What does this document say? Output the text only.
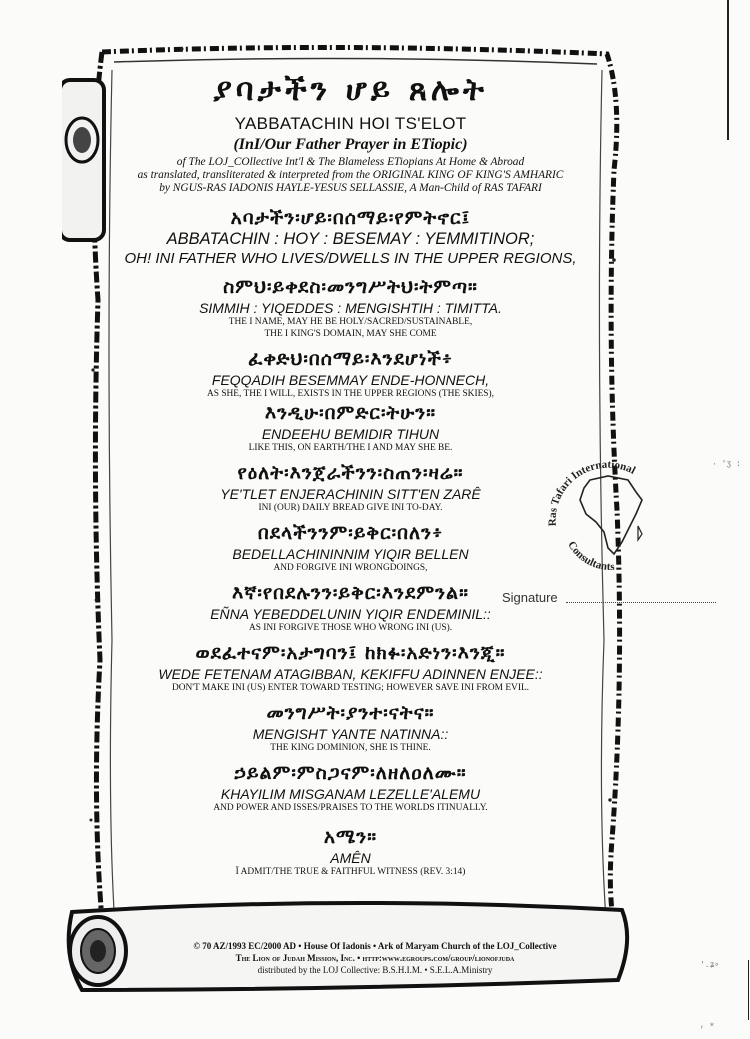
· 'ʒ :
'.ʑ∘
, ∗
ያባታችን ሆይ ጸሎት
YABBATACHIN HOI TS'ELOT
(InI/Our Father Prayer in ETiopic)
of The LOJ_COllective Int'l & The Blameless ETiopians At Home & Abroad
as translated, transliterated & interpreted from the ORIGINAL KING OF KING'S AMHARIC
by NGUS-RAS IADONIS HAYLE-YESUS SELLASSIE, A Man-Child of RAS TAFARI
አባታችን፡ሆይ፡በሰማይ፡የምትኖር፤
ABBATACHIN : HOY : BESEMAY : YEMMITINOR;
OH! INI FATHER WHO LIVES/DWELLS IN THE UPPER REGIONS,
ስምህ፡ይቀደስ፡መንግሥትህ፡ትምጣ።
SIMMIH : YIQEDDES : MENGISHTIH : TIMITTA.
THE I NAME, MAY HE BE HOLY/SACRED/SUSTAINABLE,
THE I KING'S DOMAIN, MAY SHE COME
ፈቀድህ፡በሰማይ፡እንደሆነች፥
FEQQADIH BESEMMAY ENDE-HONNECH,
AS SHE, THE I WILL, EXISTS IN THE UPPER REGIONS (THE SKIES),
እንዲሁ፡በምድር፡ትሁን።
ENDEEHU BEMIDIR TIHUN
LIKE THIS, ON EARTH/THE I AND MAY SHE BE.
የዕለት፡እንጀራችንን፡ስጠን፡ዛሬ።
YE'TLET ENJERACHININ SITT'EN ZARÊ
INI (OUR) DAILY BREAD GIVE INI TO-DAY.
በደላችንንም፡ይቅር፡በለን፥
BEDELLACHININNIM YIQIR BELLEN
AND FORGIVE INI WRONGDOINGS,
እኛ፡የበደሉንን፡ይቅር፡እንደምንል።
EÑNA YEBEDDELUNIN YIQIR ENDEMINIL::
AS INI FORGIVE THOSE WHO WRONG INI (US).
ወደፈተናም፡አታግባን፤ ከክፉ፡አድነን፡እንጂ።
WEDE FETENAM ATAGIBBAN, KEKIFFU ADINNEN ENJEE::
DON'T MAKE INI (US) ENTER TOWARD TESTING; HOWEVER SAVE INI FROM EVIL.
መንግሥት፡ያንተ፡ናትና።
MENGISHT YANTE NATINNA::
THE KING DOMINION, SHE IS THINE.
ኃይልም፡ምስጋናም፡ለዘለዐለሙ።
KHAYILIM MISGANAM LEZELLE'ALEMU
AND POWER AND ISSES/PRAISES TO THE WORLDS ITINUALLY.
አሜን።
AMÊN
Ï ADMIT/THE TRUE & FAITHFUL WITNESS (REV. 3:14)
Ras Tafari International
Consultants
Signature
© 70 AZ/1993 EC/2000 AD • House Of Iadonis • Ark of Maryam Church of the LOJ_Collective
The Lion of Judah Mission, Inc. • http:www.egroups.com/group/lionofjuda
distributed by the LOJ Collective: B.S.H.I.M. • S.E.L.A.Ministry
